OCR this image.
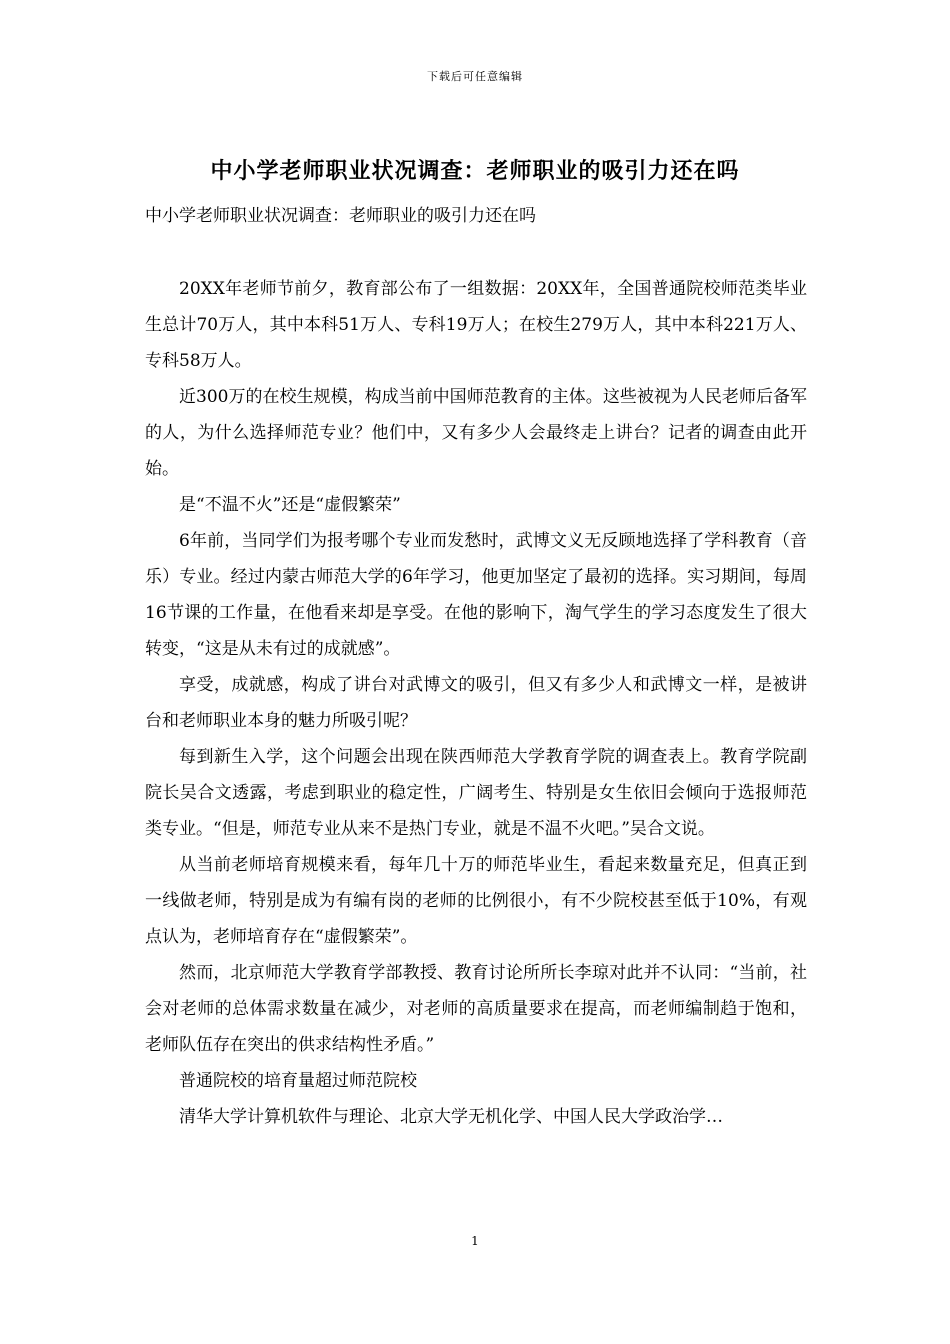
下载后可任意编辑
中小学老师职业状况调查：老师职业的吸引力还在吗

中小学老师职业状况调查：老师职业的吸引力还在吗

20XX年老师节前夕，教育部公布了一组数据：20XX年，全国普通院校师范类毕业生总计70万人，其中本科51万人、专科19万人；在校生279万人，其中本科221万人、专科58万人。

近300万的在校生规模，构成当前中国师范教育的主体。这些被视为人民老师后备军的人，为什么选择师范专业？他们中，又有多少人会最终走上讲台？记者的调查由此开始。

是“不温不火”还是“虚假繁荣”

6年前，当同学们为报考哪个专业而发愁时，武博文义无反顾地选择了学科教育（音乐）专业。经过内蒙古师范大学的6年学习，他更加坚定了最初的选择。实习期间，每周16节课的工作量，在他看来却是享受。在他的影响下，淘气学生的学习态度发生了很大转变，“这是从未有过的成就感”。

享受，成就感，构成了讲台对武博文的吸引，但又有多少人和武博文一样，是被讲台和老师职业本身的魅力所吸引呢？

每到新生入学，这个问题会出现在陕西师范大学教育学院的调查表上。教育学院副院长吴合文透露，考虑到职业的稳定性，广阔考生、特别是女生依旧会倾向于选报师范类专业。“但是，师范专业从来不是热门专业，就是不温不火吧。”吴合文说。

从当前老师培育规模来看，每年几十万的师范毕业生，看起来数量充足，但真正到一线做老师，特别是成为有编有岗的老师的比例很小，有不少院校甚至低于10%，有观点认为，老师培育存在“虚假繁荣”。

然而，北京师范大学教育学部教授、教育讨论所所长李琼对此并不认同：“当前，社会对老师的总体需求数量在减少，对老师的高质量要求在提高，而老师编制趋于饱和，老师队伍存在突出的供求结构性矛盾。”

普通院校的培育量超过师范院校

清华大学计算机软件与理论、北京大学无机化学、中国人民大学政治学…

1
